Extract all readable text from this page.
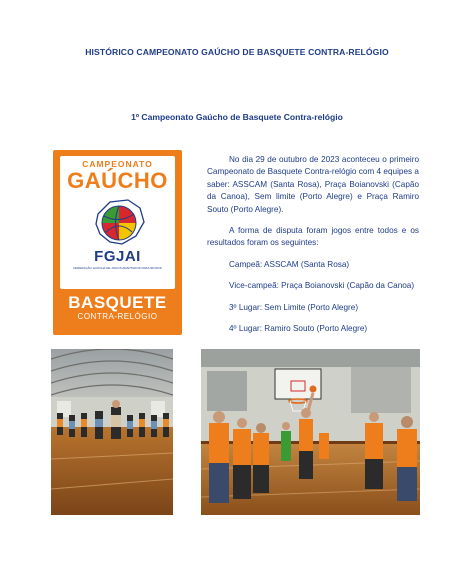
HISTÓRICO CAMPEONATO GAÚCHO DE BASQUETE CONTRA-RELÓGIO
1º Campeonato Gaúcho de Basquete Contra-relógio
CAMPEONATO
GAÚCHO
FGJAI
FEDERAÇÃO GAÚCHA DE JOGOS ADAPTADOS PARA IDOSOS
BASQUETE
CONTRA-RELÓGIO

No dia 29 de outubro de 2023 aconteceu o primeiro Campeonato de Basquete Contra-relógio com 4 equipes a saber: ASSCAM (Santa Rosa), Praça Boianovski (Capão da Canoa), Sem limite (Porto Alegre) e Praça Ramiro Souto (Porto Alegre).

A forma de disputa foram jogos entre todos e os resultados foram os seguintes:

Campeã: ASSCAM (Santa Rosa)

Vice-campeã: Praça Boianovski (Capão da Canoa)

3º Lugar: Sem Limite (Porto Alegre)

4º Lugar: Ramiro Souto (Porto Alegre)
